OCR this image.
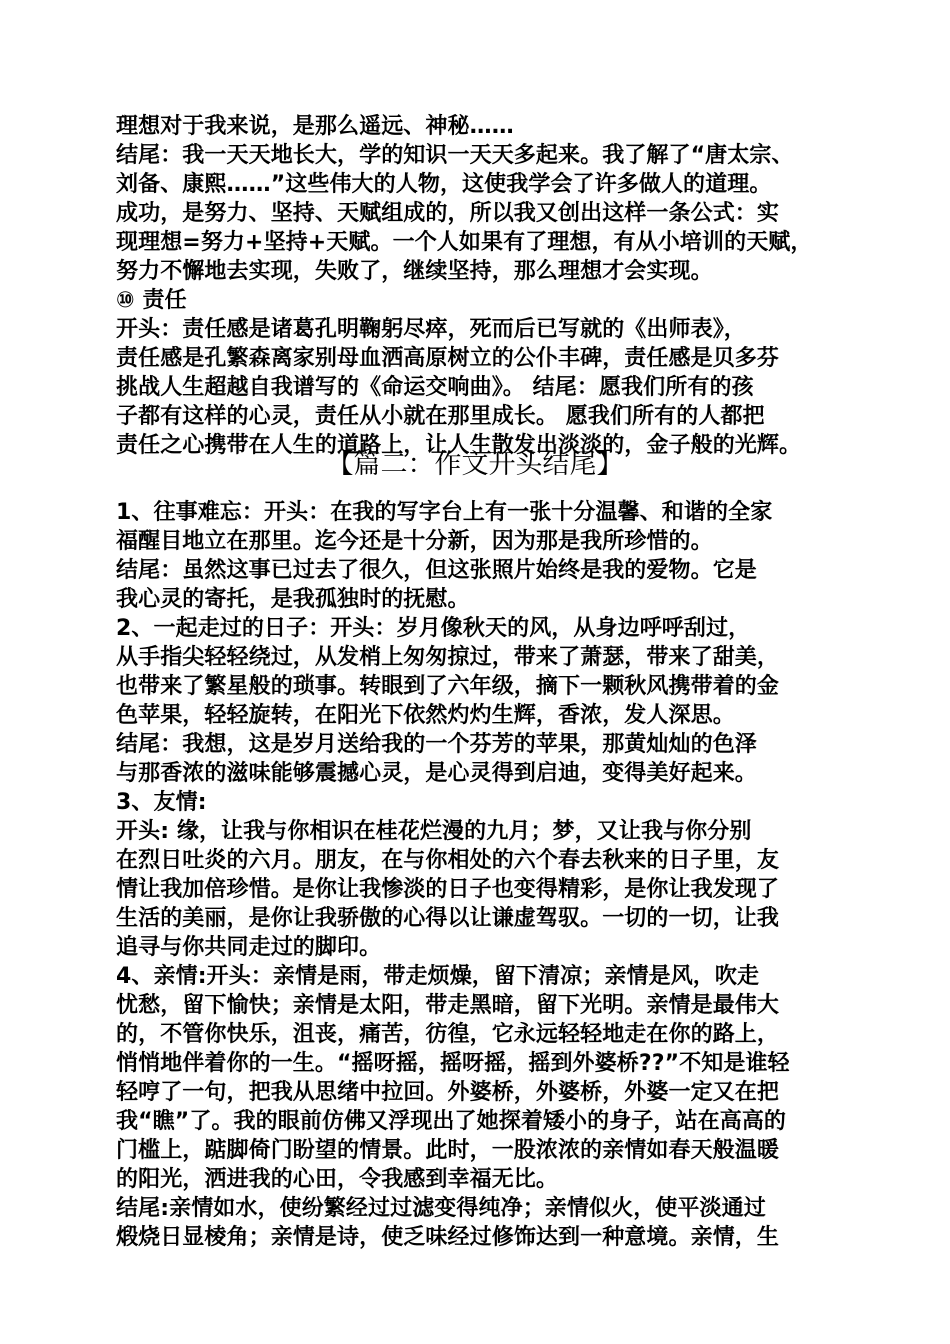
理想对于我来说，是那么遥远、神秘……
结尾：我一天天地长大，学的知识一天天多起来。我了解了“唐太宗、
刘备、康熙……”这些伟大的人物，这使我学会了许多做人的道理。
成功，是努力、坚持、天赋组成的，所以我又创出这样一条公式：实
现理想=努力+坚持+天赋。一个人如果有了理想，有从小培训的天赋，
努力不懈地去实现，失败了，继续坚持，那么理想才会实现。
⑩ 责任
开头：责任感是诸葛孔明鞠躬尽瘁，死而后已写就的《出师表》，
责任感是孔繁森离家别母血洒高原树立的公仆丰碑，责任感是贝多芬
挑战人生超越自我谱写的《命运交响曲》。 结尾：愿我们所有的孩
子都有这样的心灵，责任从小就在那里成长。 愿我们所有的人都把
责任之心携带在人生的道路上，让人生散发出淡淡的，金子般的光辉。
【篇二：作文开头结尾】
1、往事难忘：开头：在我的写字台上有一张十分温馨、和谐的全家
福醒目地立在那里。迄今还是十分新，因为那是我所珍惜的。
结尾：虽然这事已过去了很久，但这张照片始终是我的爱物。它是
我心灵的寄托，是我孤独时的抚慰。
2、一起走过的日子：开头：岁月像秋天的风，从身边呼呼刮过，
从手指尖轻轻绕过，从发梢上匆匆掠过，带来了萧瑟，带来了甜美，
也带来了繁星般的琐事。转眼到了六年级，摘下一颗秋风携带着的金
色苹果，轻轻旋转，在阳光下依然灼灼生辉，香浓，发人深思。
结尾：我想，这是岁月送给我的一个芬芳的苹果，那黄灿灿的色泽
与那香浓的滋味能够震撼心灵，是心灵得到启迪，变得美好起来。
3、友情:
开头: 缘，让我与你相识在桂花烂漫的九月；梦，又让我与你分别
在烈日吐炎的六月。朋友，在与你相处的六个春去秋来的日子里，友
情让我加倍珍惜。是你让我惨淡的日子也变得精彩，是你让我发现了
生活的美丽，是你让我骄傲的心得以让谦虚驾驭。一切的一切，让我
追寻与你共同走过的脚印。
4、亲情:开头：亲情是雨，带走烦燥，留下清凉；亲情是风，吹走
忧愁，留下愉快；亲情是太阳，带走黑暗，留下光明。亲情是最伟大
的，不管你快乐，沮丧，痛苦，彷徨，它永远轻轻地走在你的路上，
悄悄地伴着你的一生。“摇呀摇，摇呀摇，摇到外婆桥??”不知是谁轻
轻哼了一句，把我从思绪中拉回。外婆桥，外婆桥，外婆一定又在把
我“瞧”了。我的眼前仿佛又浮现出了她探着矮小的身子，站在高高的
门槛上，踮脚倚门盼望的情景。此时，一股浓浓的亲情如春天般温暖
的阳光，洒进我的心田，令我感到幸福无比。
结尾:亲情如水，使纷繁经过过滤变得纯净；亲情似火，使平淡通过
煅烧日显棱角；亲情是诗，使乏味经过修饰达到一种意境。亲情，生
